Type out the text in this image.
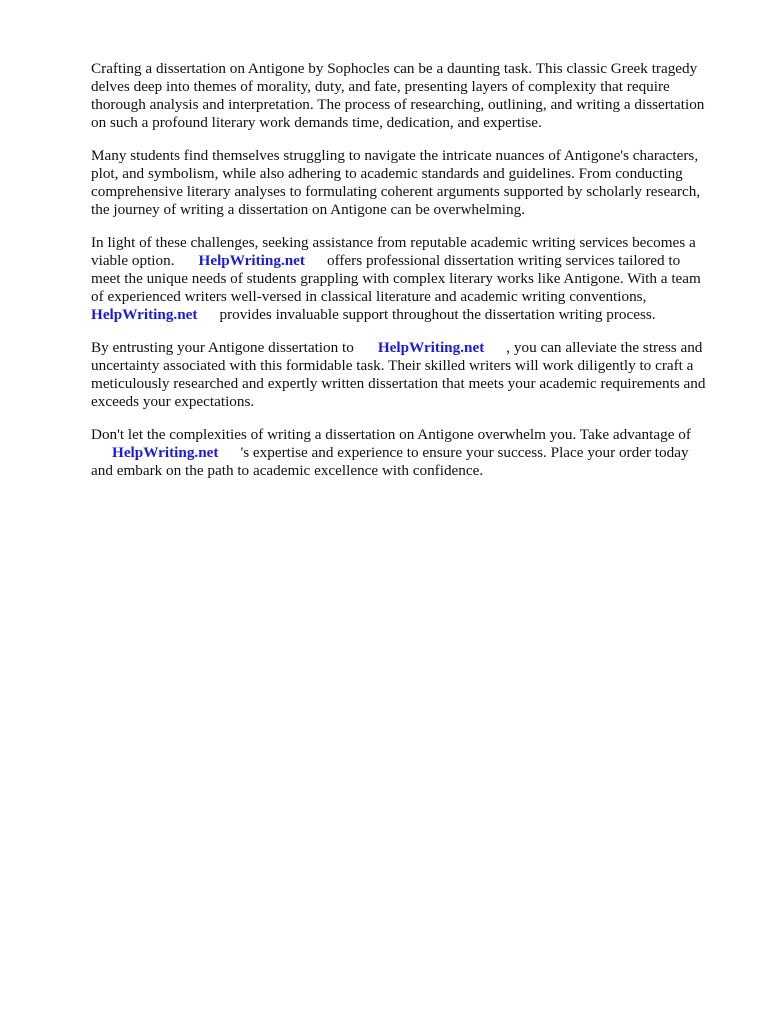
Crafting a dissertation on Antigone by Sophocles can be a daunting task. This classic Greek tragedy
delves deep into themes of morality, duty, and fate, presenting layers of complexity that require
thorough analysis and interpretation. The process of researching, outlining, and writing a dissertation
on such a profound literary work demands time, dedication, and expertise.

Many students find themselves struggling to navigate the intricate nuances of Antigone's characters,
plot, and symbolism, while also adhering to academic standards and guidelines. From conducting
comprehensive literary analyses to formulating coherent arguments supported by scholarly research,
the journey of writing a dissertation on Antigone can be overwhelming.

In light of these challenges, seeking assistance from reputable academic writing services becomes a
viable option. HelpWriting.net offers professional dissertation writing services tailored to
meet the unique needs of students grappling with complex literary works like Antigone. With a team
of experienced writers well-versed in classical literature and academic writing conventions,
HelpWriting.net provides invaluable support throughout the dissertation writing process.

By entrusting your Antigone dissertation to HelpWriting.net , you can alleviate the stress and
uncertainty associated with this formidable task. Their skilled writers will work diligently to craft a
meticulously researched and expertly written dissertation that meets your academic requirements and
exceeds your expectations.

Don't let the complexities of writing a dissertation on Antigone overwhelm you. Take advantage of
HelpWriting.net 's expertise and experience to ensure your success. Place your order today
and embark on the path to academic excellence with confidence.
